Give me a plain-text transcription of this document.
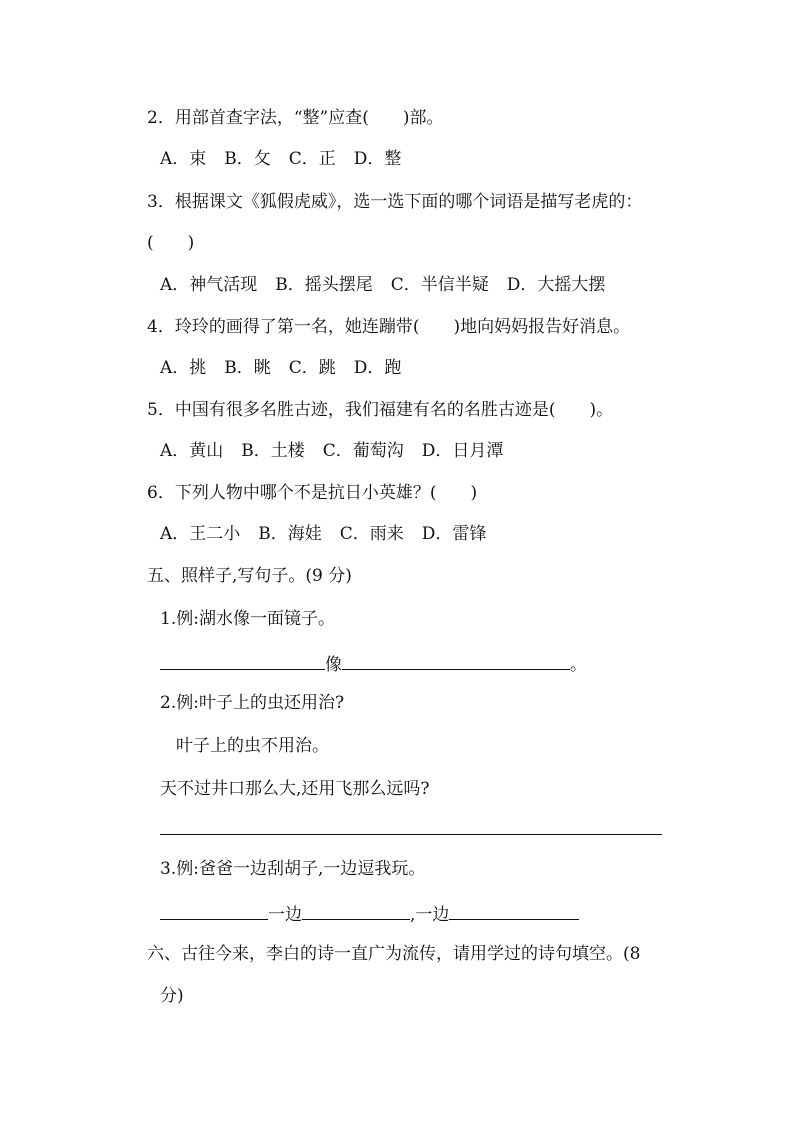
2．用部首查字法，“整”应查(　　)部。
A．束 B．攵 C．正 D．整
3．根据课文《狐假虎威》，选一选下面的哪个词语是描写老虎的：
(　　)
A．神气活现 B．摇头摆尾 C．半信半疑 D．大摇大摆
4．玲玲的画得了第一名，她连蹦带(　　)地向妈妈报告好消息。
A．挑 B．眺 C．跳 D．跑
5．中国有很多名胜古迹，我们福建有名的名胜古迹是(　　)。
A．黄山 B．土楼 C．葡萄沟 D．日月潭
6．下列人物中哪个不是抗日小英雄？(　　)
A．王二小 B．海娃 C．雨来 D．雷锋
五、照样子,写句子。(9 分)
1.例:湖水像一面镜子。
像	。
2.例:叶子上的虫还用治?
叶子上的虫不用治。
天不过井口那么大,还用飞那么远吗?
3.例:爸爸一边刮胡子,一边逗我玩。
一边	,一边
六、古往今来，李白的诗一直广为流传，请用学过的诗句填空。(8
分)
